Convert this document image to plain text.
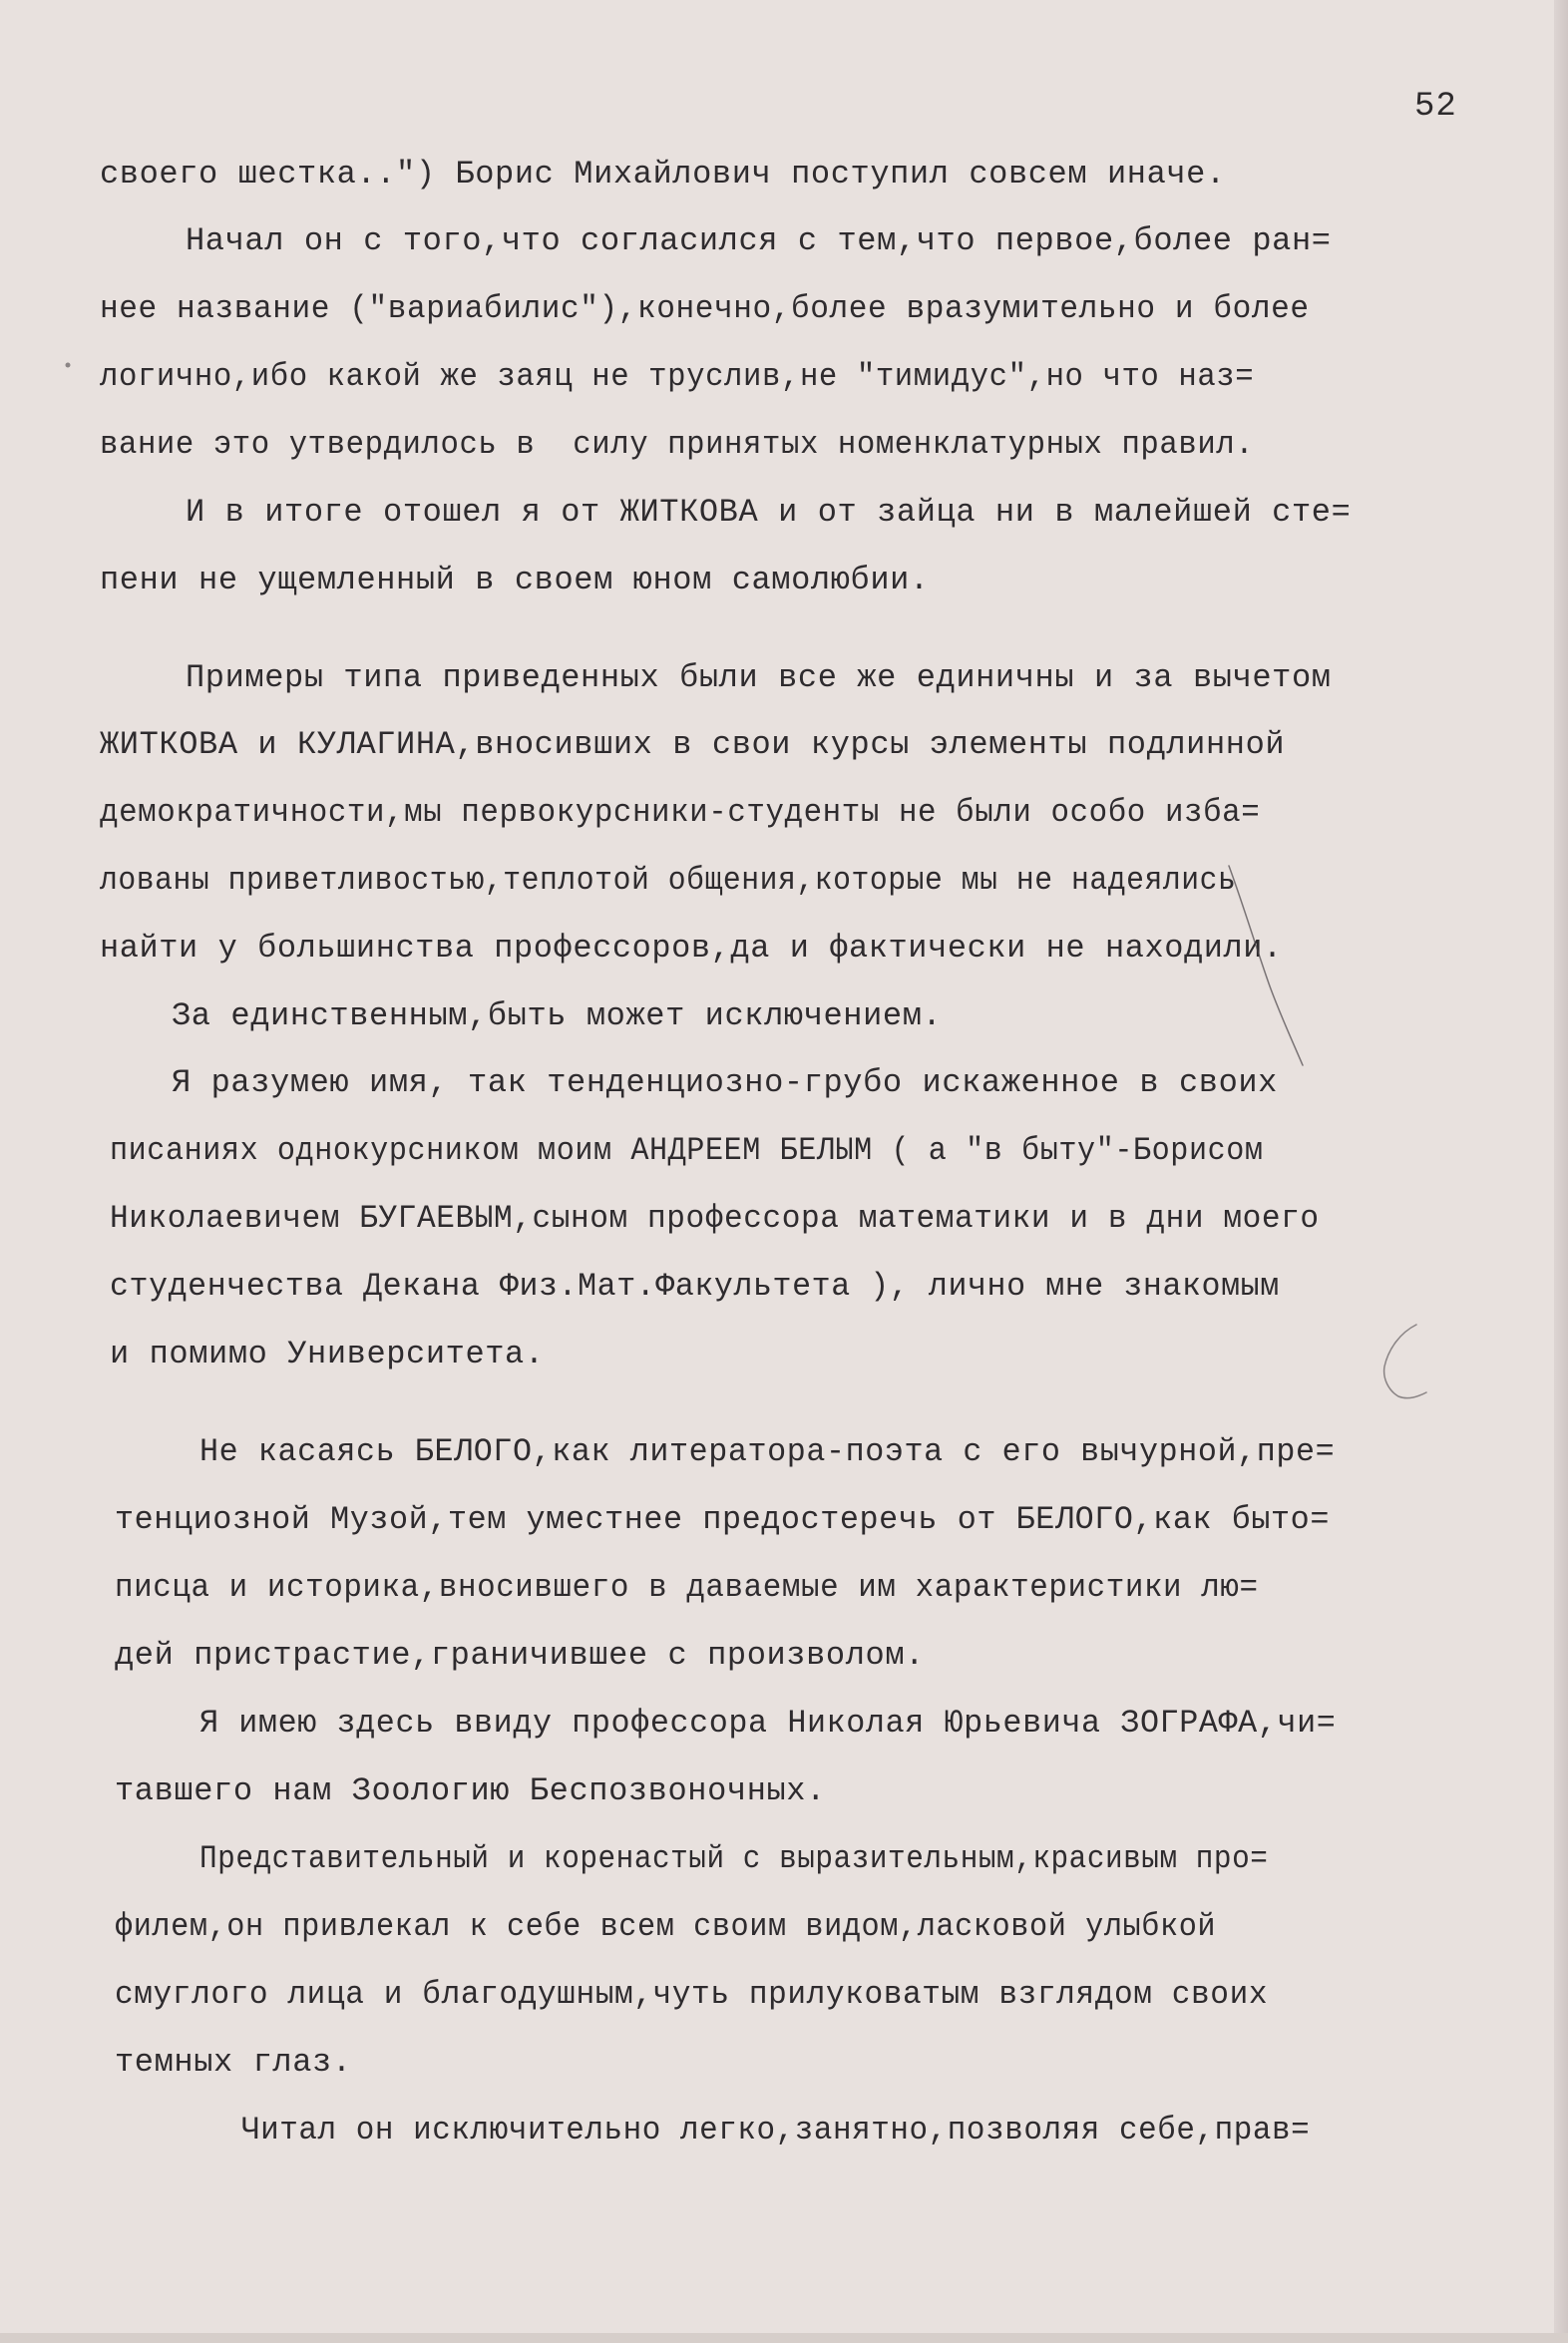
52
своего шестка..") Борис Михайлович поступил совсем иначе.
Начал он с того,что согласился с тем,что первое,более ран=
нее название ("вариабилис"),конечно,более вразумительно и более
логично,ибо какой же заяц не труслив,не "тимидус",но что наз=
вание это утвердилось в  силу принятых номенклатурных правил.
И в итоге отошел я от ЖИТКОВА и от зайца ни в малейшей сте=
пени не ущемленный в своем юном самолюбии.
Примеры типа приведенных были все же единичны и за вычетом
ЖИТКОВА и КУЛАГИНА,вносивших в свои курсы элементы подлинной
демократичности,мы первокурсники-студенты не были особо изба=
лованы приветливостью,теплотой общения,которые мы не надеялись
найти у большинства профессоров,да и фактически не находили.
За единственным,быть может исключением.
Я разумею имя, так тенденциозно-грубо искаженное в своих
писаниях однокурсником моим АНДРЕЕМ БЕЛЫМ ( а "в быту"-Борисом
Николаевичем БУГАЕВЫМ,сыном профессора математики и в дни моего
студенчества Декана Физ.Мат.Факультета ), лично мне знакомым
и помимо Университета.
Не касаясь БЕЛОГО,как литератора-поэта с его вычурной,пре=
тенциозной Музой,тем уместнее предостеречь от БЕЛОГО,как быто=
писца и историка,вносившего в даваемые им характеристики лю=
дей пристрастие,граничившее с произволом.
Я имею здесь ввиду профессора Николая Юрьевича ЗОГРАФА,чи=
тавшего нам Зоологию Беспозвоночных.
Представительный и коренастый с выразительным,красивым про=
филем,он привлекал к себе всем своим видом,ласковой улыбкой
смуглого лица и благодушным,чуть прилуковатым взглядом своих
темных глаз.
Читал он исключительно легко,занятно,позволяя себе,прав=
